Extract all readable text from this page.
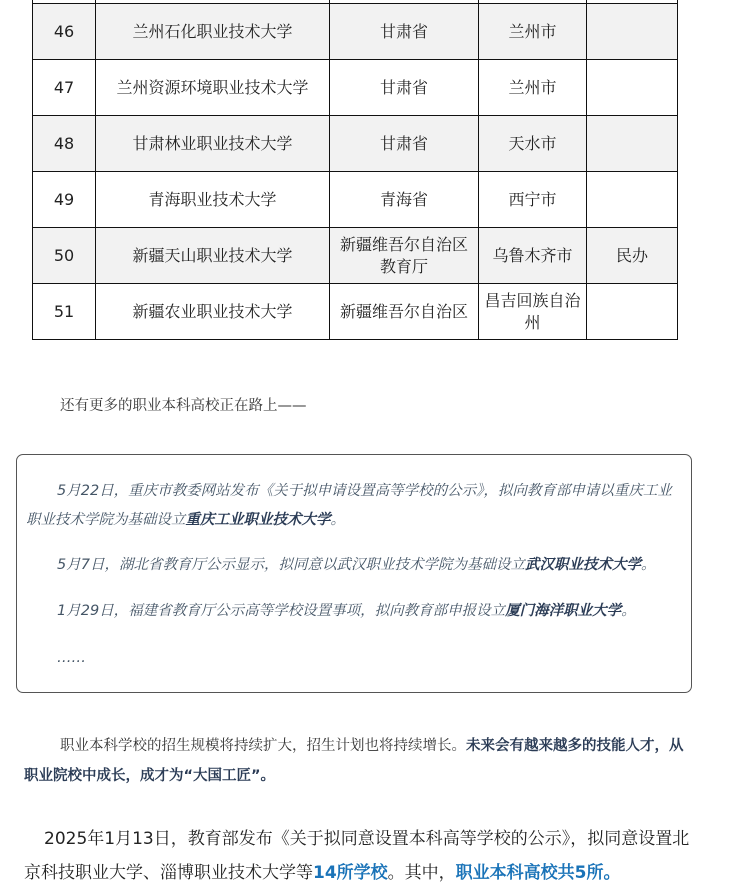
46	兰州石化职业技术大学	甘肃省	兰州市	
47	兰州资源环境职业技术大学	甘肃省	兰州市	
48	甘肃林业职业技术大学	甘肃省	天水市	
49	青海职业技术大学	青海省	西宁市	
50	新疆天山职业技术大学	新疆维吾尔自治区教育厅	乌鲁木齐市	民办
51	新疆农业职业技术大学	新疆维吾尔自治区	昌吉回族自治州	
还有更多的职业本科高校正在路上——
5月22日，重庆市教委网站发布《关于拟申请设置高等学校的公示》，拟向教育部申请以重庆工业职业技术学院为基础设立重庆工业职业技术大学。
5月7日，湖北省教育厅公示显示，拟同意以武汉职业技术学院为基础设立武汉职业技术大学。
1月29日，福建省教育厅公示高等学校设置事项，拟向教育部申报设立厦门海洋职业大学。
……
职业本科学校的招生规模将持续扩大，招生计划也将持续增长。未来会有越来越多的技能人才，从职业院校中成长，成才为“大国工匠”。
2025年1月13日，教育部发布《关于拟同意设置本科高等学校的公示》，拟同意设置北京科技职业大学、淄博职业技术大学等14所学校。其中，职业本科高校共5所。
